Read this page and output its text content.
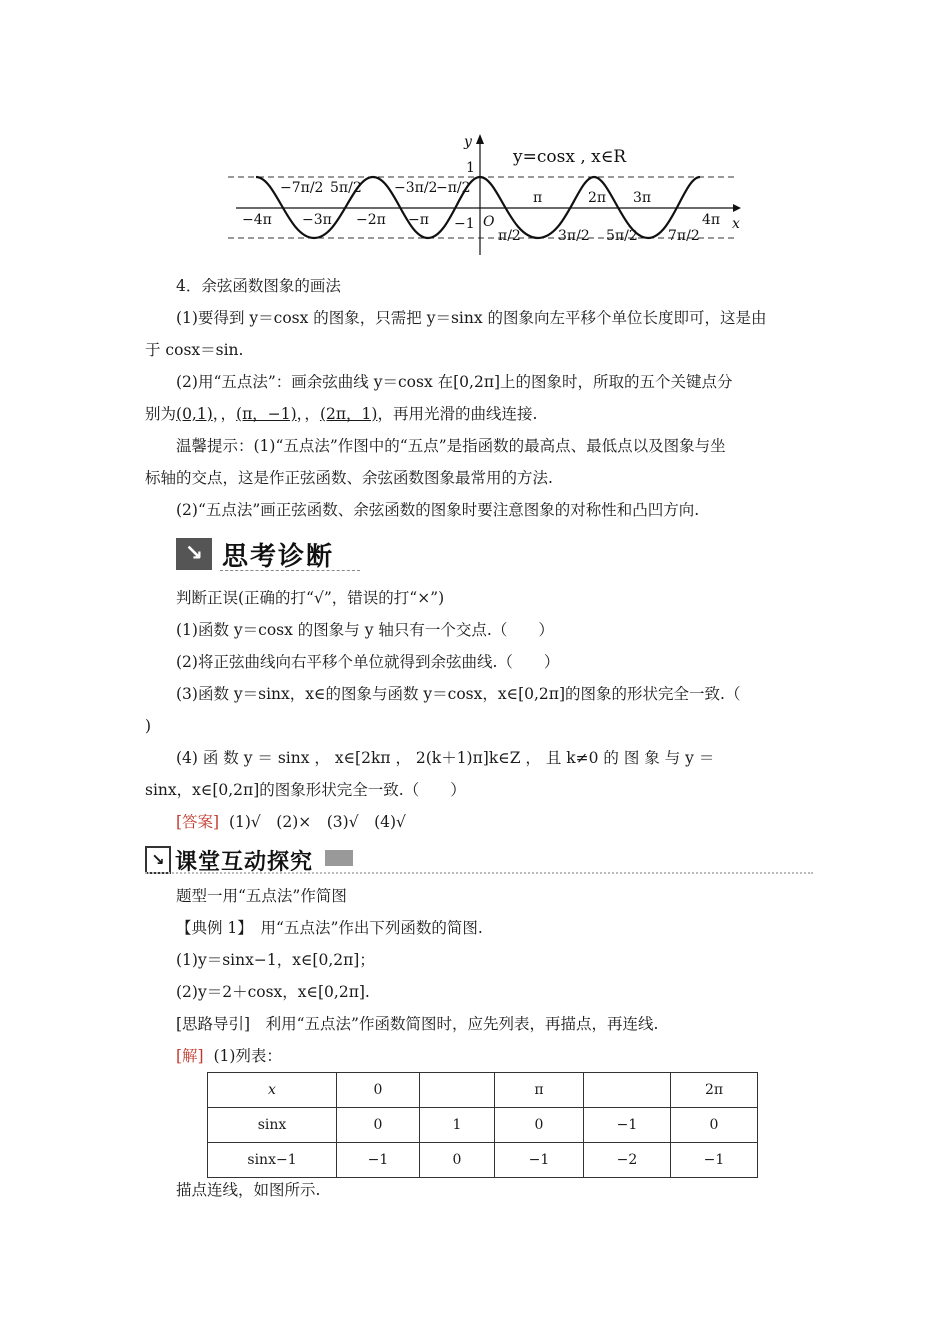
y
y=cosx , x∈R
1
−1 O	x
−7π/2 5π/2 −3π/2
−π/2
π	2π 3π
−4π −3π −2π −π
π/2	3π/2 5π/2 7π/2
4π
4．余弦函数图象的画法
(1)要得到 y＝cosx 的图象，只需把 y＝sinx 的图象向左平移个单位长度即可，这是由
于 cosx＝sin.
(2)用“五点法”：画余弦曲线 y＝cosx 在[0,2π]上的图象时，所取的五个关键点分
别为(0,1)，，(π，−1)，，(2π，1)，再用光滑的曲线连接.
温馨提示：(1)“五点法”作图中的“五点”是指函数的最高点、最低点以及图象与坐
标轴的交点，这是作正弦函数、余弦函数图象最常用的方法.
(2)“五点法”画正弦函数、余弦函数的图象时要注意图象的对称性和凸凹方向.
↘ 思考诊断
判断正误(正确的打“√”，错误的打“×”)
(1)函数 y＝cosx 的图象与 y 轴只有一个交点.（　　）
(2)将正弦曲线向右平移个单位就得到余弦曲线.（　　）
(3)函数 y＝sinx，x∈的图象与函数 y＝cosx，x∈[0,2π]的图象的形状完全一致.（
)
(4) 函 数 y ＝ sinx ， x∈[2kπ ， 2(k＋1)π]k∈Z ， 且 k≠0 的 图 象 与 y ＝
sinx，x∈[0,2π]的图象形状完全一致.（　　）
[答案] (1)√　(2)×　(3)√　(4)√
↘ 课堂互动探究
题型一用“五点法”作简图
【典例 1】　用“五点法”作出下列函数的简图.
(1)y＝sinx−1，x∈[0,2π]；
(2)y＝2＋cosx，x∈[0,2π].
[思路导引]　利用“五点法”作函数简图时，应先列表，再描点，再连线.
[解] (1)列表：
x	0		π		2π
sinx	0	1	0	−1	0
sinx−1	−1	0	−1	−2	−1
描点连线，如图所示.
